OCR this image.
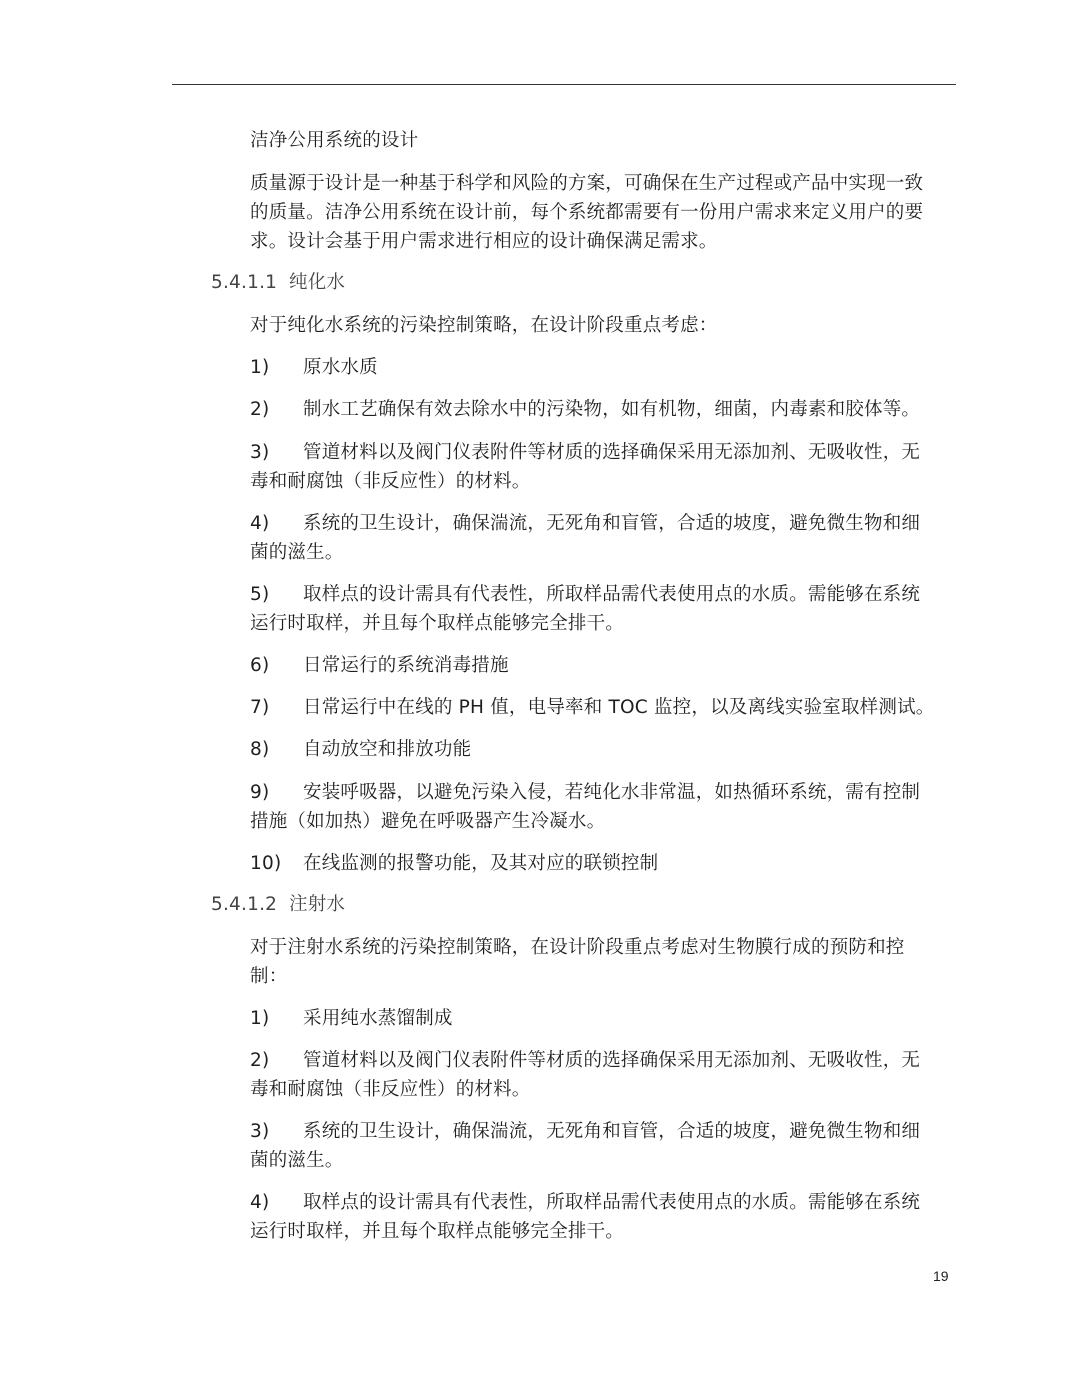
洁净公用系统的设计
质量源于设计是一种基于科学和风险的方案，可确保在生产过程或产品中实现一致
的质量。洁净公用系统在设计前，每个系统都需要有一份用户需求来定义用户的要
求。设计会基于用户需求进行相应的设计确保满足需求。
5.4.1.1 纯化水
对于纯化水系统的污染控制策略，在设计阶段重点考虑：
1) 原水水质
2) 制水工艺确保有效去除水中的污染物，如有机物，细菌，内毒素和胶体等。
3) 管道材料以及阀门仪表附件等材质的选择确保采用无添加剂、无吸收性，无
毒和耐腐蚀（非反应性）的材料。
4) 系统的卫生设计，确保湍流，无死角和盲管，合适的坡度，避免微生物和细
菌的滋生。
5) 取样点的设计需具有代表性，所取样品需代表使用点的水质。需能够在系统
运行时取样，并且每个取样点能够完全排干。
6) 日常运行的系统消毒措施
7) 日常运行中在线的 PH 值，电导率和 TOC 监控，以及离线实验室取样测试。
8) 自动放空和排放功能
9) 安装呼吸器，以避免污染入侵，若纯化水非常温，如热循环系统，需有控制
措施（如加热）避免在呼吸器产生冷凝水。
10) 在线监测的报警功能，及其对应的联锁控制
5.4.1.2 注射水
对于注射水系统的污染控制策略，在设计阶段重点考虑对生物膜行成的预防和控
制：
1) 采用纯水蒸馏制成
2) 管道材料以及阀门仪表附件等材质的选择确保采用无添加剂、无吸收性，无
毒和耐腐蚀（非反应性）的材料。
3) 系统的卫生设计，确保湍流，无死角和盲管，合适的坡度，避免微生物和细
菌的滋生。
4) 取样点的设计需具有代表性，所取样品需代表使用点的水质。需能够在系统
运行时取样，并且每个取样点能够完全排干。
19
